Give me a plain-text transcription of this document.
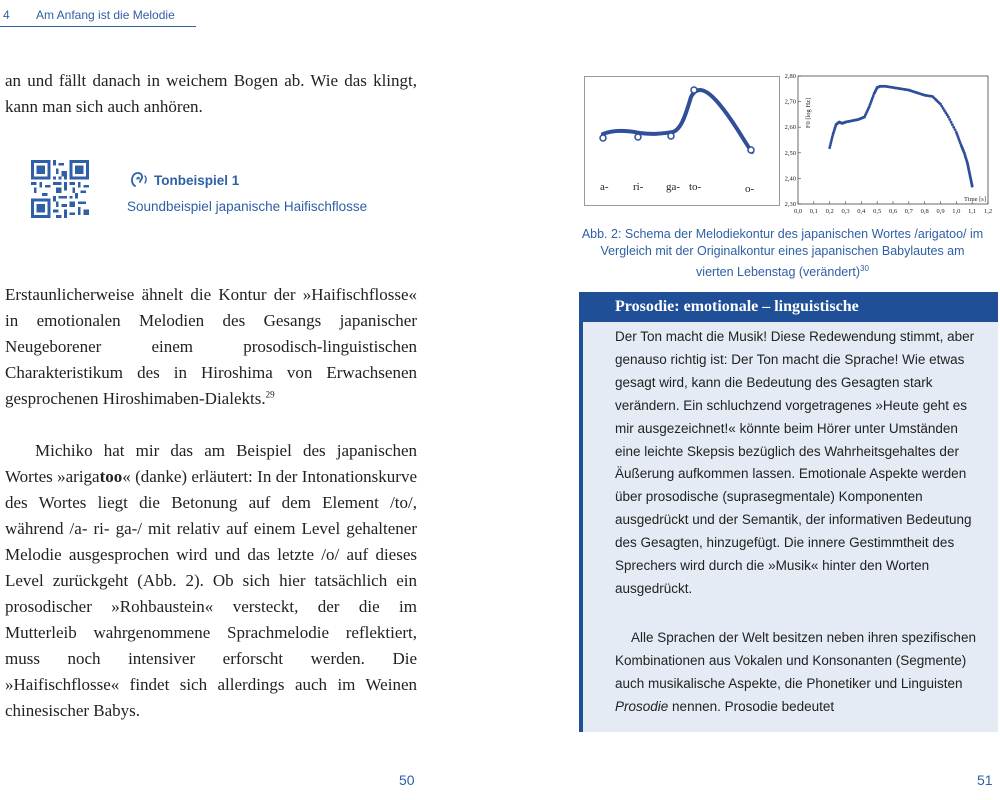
4 Am Anfang ist die Melodie

an und fällt danach in weichem Bogen ab. Wie das klingt, kann man sich auch anhören.

Tonbeispiel 1
Soundbeispiel japanische Haifischflosse

Erstaunlicherweise ähnelt die Kontur der »Haifischflosse« in emotionalen Melodien des Gesangs japanischer Neugeborener einem prosodisch-linguistischen Charakteristikum des in Hiroshima von Erwachsenen gesprochenen Hiroshimaben-Dialekts.$^{29}$

Michiko hat mir das am Beispiel des japanischen Wortes »arigatoo« (danke) erläutert: In der Intonationskurve des Wortes liegt die Betonung auf dem Element /to/, während /a- ri- ga-/ mit relativ auf einem Level gehaltener Melodie ausgesprochen wird und das letzte /o/ auf dieses Level zurückgeht (Abb. 2). Ob sich hier tatsächlich ein prosodischer »Rohbaustein« versteckt, der die im Mutterleib wahrgenommene Sprachmelodie reflektiert, muss noch intensiver erforscht werden. Die »Haifischflosse« findet sich allerdings auch im Weinen chinesischer Babys.

50
a- ri- ga- to-	o-
2,30
2,40
2,50
2,60
2,70
2,80
0,0 0,1 0,2 0,3 0,4 0,5 0,6 0,7 0,8 0,9 1,0 1,1 1,2
F0 [log Hz]
Time [s]
Abb. 2: Schema der Melodiekontur des japanischen Wortes /arigatoo/ im Vergleich mit der Originalkontur eines japanischen Babylautes am vierten Lebenstag (verändert)$^{30}$
Prosodie: emotionale – linguistische

Der Ton macht die Musik! Diese Redewendung stimmt, aber genauso richtig ist: Der Ton macht die Sprache! Wie etwas gesagt wird, kann die Bedeutung des Gesagten stark verändern. Ein schluchzend vorgetragenes »Heute geht es mir ausgezeichnet!« könnte beim Hörer unter Umständen eine leichte Skepsis bezüglich des Wahrheitsgehaltes der Äußerung aufkommen lassen. Emotionale Aspekte werden über prosodische (suprasegmentale) Komponenten ausgedrückt und der Semantik, der informativen Bedeutung des Gesagten, hinzugefügt. Die innere Gestimmtheit des Sprechers wird durch die »Musik« hinter den Worten ausgedrückt.

Alle Sprachen der Welt besitzen neben ihren spezifischen Kombinationen aus Vokalen und Konsonanten (Segmente) auch musikalische Aspekte, die Phonetiker und Linguisten Prosodie nennen. Prosodie bedeutet

51
